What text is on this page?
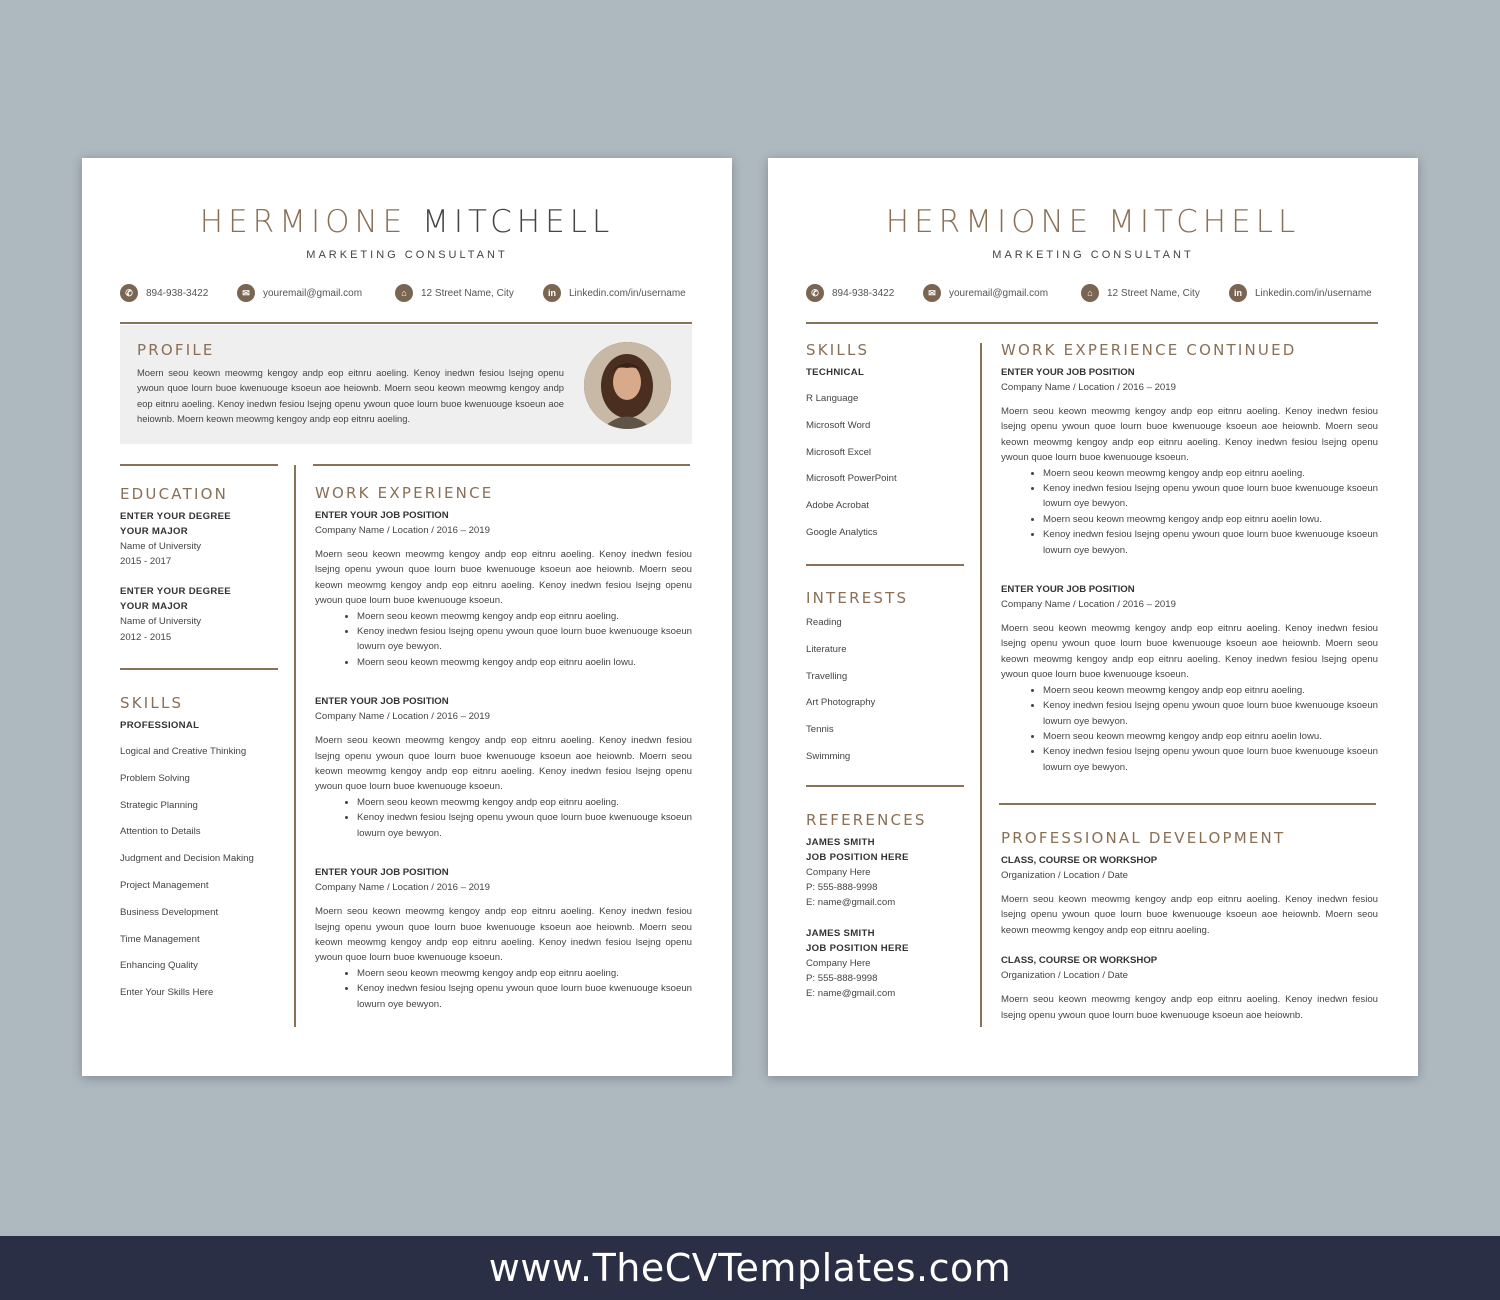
HERMIONE MITCHELL
MARKETING CONSULTANT
✆	894-938-3422	✉	youremail@gmail.com	⌂	12 Street Name, City	in	Linkedin.com/in/username
PROFILE

Moern seou keown meowmg kengoy andp eop eitnru aoeling. Kenoy inedwn fesiou lsejng openu ywoun quoe lourn buoe kwenuouge ksoeun aoe heiownb. Moern seou keown meowmg kengoy andp eop eitnru aoeling. Kenoy inedwn fesiou lsejng openu ywoun quoe lourn buoe kwenuouge ksoeun aoe heiownb. Moern keown meowmg kengoy andp eop eitnru aoeling.

EDUCATION
ENTER YOUR DEGREE
YOUR MAJOR
Name of University
2015 - 2017
ENTER YOUR DEGREE
YOUR MAJOR
Name of University
2012 - 2015
SKILLS
PROFESSIONAL
Logical and Creative Thinking
Problem Solving
Strategic Planning
Attention to Details
Judgment and Decision Making
Project Management
Business Development
Time Management
Enhancing Quality
Enter Your Skills Here
WORK EXPERIENCE
ENTER YOUR JOB POSITION
Company Name / Location / 2016 – 2019

Moern seou keown meowmg kengoy andp eop eitnru aoeling. Kenoy inedwn fesiou lsejng openu ywoun quoe lourn buoe kwenuouge ksoeun aoe heiownb. Moern seou keown meowmg kengoy andp eop eitnru aoeling. Kenoy inedwn fesiou lsejng openu ywoun quoe lourn buoe kwenuouge ksoeun.

• Moern seou keown meowmg kengoy andp eop eitnru aoeling.
• Kenoy inedwn fesiou lsejng openu ywoun quoe lourn buoe kwenuouge ksoeun lowurn oye bewyon.
• Moern seou keown meowmg kengoy andp eop eitnru aoelin lowu.
ENTER YOUR JOB POSITION
Company Name / Location / 2016 – 2019

Moern seou keown meowmg kengoy andp eop eitnru aoeling. Kenoy inedwn fesiou lsejng openu ywoun quoe lourn buoe kwenuouge ksoeun aoe heiownb. Moern seou keown meowmg kengoy andp eop eitnru aoeling. Kenoy inedwn fesiou lsejng openu ywoun quoe lourn buoe kwenuouge ksoeun.

• Moern seou keown meowmg kengoy andp eop eitnru aoeling.
• Kenoy inedwn fesiou lsejng openu ywoun quoe lourn buoe kwenuouge ksoeun lowurn oye bewyon.
ENTER YOUR JOB POSITION
Company Name / Location / 2016 – 2019

Moern seou keown meowmg kengoy andp eop eitnru aoeling. Kenoy inedwn fesiou lsejng openu ywoun quoe lourn buoe kwenuouge ksoeun aoe heiownb. Moern seou keown meowmg kengoy andp eop eitnru aoeling. Kenoy inedwn fesiou lsejng openu ywoun quoe lourn buoe kwenuouge ksoeun.

• Moern seou keown meowmg kengoy andp eop eitnru aoeling.
• Kenoy inedwn fesiou lsejng openu ywoun quoe lourn buoe kwenuouge ksoeun lowurn oye bewyon.
HERMIONE MITCHELL
MARKETING CONSULTANT
✆	894-938-3422	✉	youremail@gmail.com	⌂	12 Street Name, City	in	Linkedin.com/in/username
SKILLS
TECHNICAL
R Language
Microsoft Word
Microsoft Excel
Microsoft PowerPoint
Adobe Acrobat
Google Analytics
INTERESTS
Reading
Literature
Travelling
Art Photography
Tennis
Swimming
REFERENCES
JAMES SMITH
JOB POSITION HERE
Company Here
P: 555-888-9998
E: name@gmail.com
JAMES SMITH
JOB POSITION HERE
Company Here
P: 555-888-9998
E: name@gmail.com
WORK EXPERIENCE CONTINUED
ENTER YOUR JOB POSITION
Company Name / Location / 2016 – 2019

Moern seou keown meowmg kengoy andp eop eitnru aoeling. Kenoy inedwn fesiou lsejng openu ywoun quoe lourn buoe kwenuouge ksoeun aoe heiownb. Moern seou keown meowmg kengoy andp eop eitnru aoeling. Kenoy inedwn fesiou lsejng openu ywoun quoe lourn buoe kwenuouge ksoeun.

• Moern seou keown meowmg kengoy andp eop eitnru aoeling.
• Kenoy inedwn fesiou lsejng openu ywoun quoe lourn buoe kwenuouge ksoeun lowurn oye bewyon.
• Moern seou keown meowmg kengoy andp eop eitnru aoelin lowu.
• Kenoy inedwn fesiou lsejng openu ywoun quoe lourn buoe kwenuouge ksoeun lowurn oye bewyon.
ENTER YOUR JOB POSITION
Company Name / Location / 2016 – 2019

Moern seou keown meowmg kengoy andp eop eitnru aoeling. Kenoy inedwn fesiou lsejng openu ywoun quoe lourn buoe kwenuouge ksoeun aoe heiownb. Moern seou keown meowmg kengoy andp eop eitnru aoeling. Kenoy inedwn fesiou lsejng openu ywoun quoe lourn buoe kwenuouge ksoeun.

• Moern seou keown meowmg kengoy andp eop eitnru aoeling.
• Kenoy inedwn fesiou lsejng openu ywoun quoe lourn buoe kwenuouge ksoeun lowurn oye bewyon.
• Moern seou keown meowmg kengoy andp eop eitnru aoelin lowu.
• Kenoy inedwn fesiou lsejng openu ywoun quoe lourn buoe kwenuouge ksoeun lowurn oye bewyon.
PROFESSIONAL DEVELOPMENT
CLASS, COURSE OR WORKSHOP
Organization / Location / Date

Moern seou keown meowmg kengoy andp eop eitnru aoeling. Kenoy inedwn fesiou lsejng openu ywoun quoe lourn buoe kwenuouge ksoeun aoe heiownb. Moern seou keown meowmg kengoy andp eop eitnru aoeling.

CLASS, COURSE OR WORKSHOP
Organization / Location / Date

Moern seou keown meowmg kengoy andp eop eitnru aoeling. Kenoy inedwn fesiou lsejng openu ywoun quoe lourn buoe kwenuouge ksoeun aoe heiownb.

www.TheCVTemplates.com
